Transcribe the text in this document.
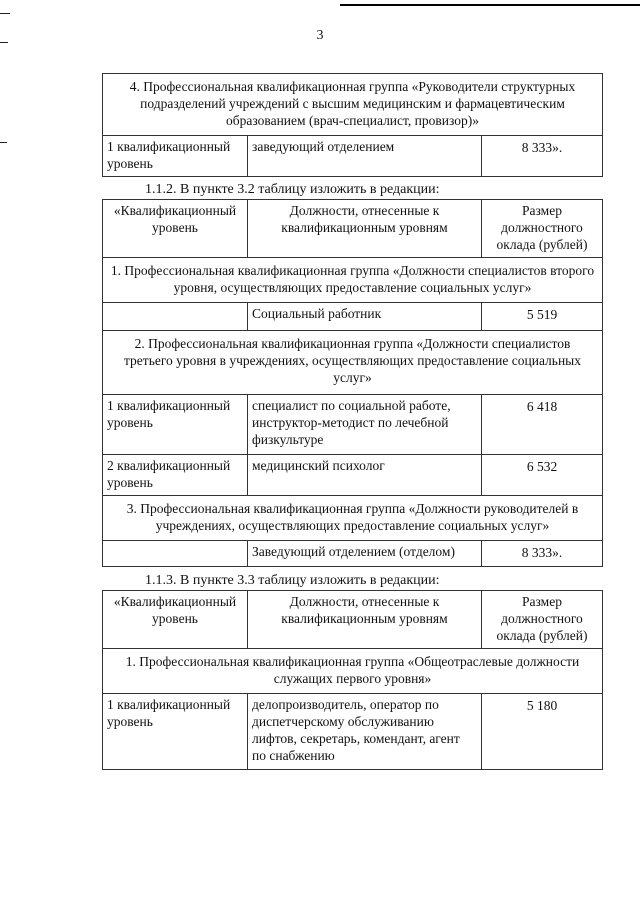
3
4. Профессиональная квалификационная группа «Руководители структурных подразделений учреждений с высшим медицинским и фармацевтическим образованием (врач-специалист, провизор)»
1 квалификационный уровень	заведующий отделением	8 333».
1.1.2. В пункте 3.2 таблицу изложить в редакции:
«Квалификационный уровень	Должности, отнесенные к квалификационным уровням	Размер должностного оклада (рублей)
1. Профессиональная квалификационная группа «Должности специалистов второго уровня, осуществляющих предоставление социальных услуг»		
	Социальный работник	5 519
2. Профессиональная квалификационная группа «Должности специалистов третьего уровня в учреждениях, осуществляющих предоставление социальных услуг»		
1 квалификационный уровень	специалист по социальной работе, инструктор-методист по лечебной физкультуре	6 418
2 квалификационный уровень	медицинский психолог	6 532
3. Профессиональная квалификационная группа «Должности руководителей в учреждениях, осуществляющих предоставление социальных услуг»		
	Заведующий отделением (отделом)	8 333».
1.1.3. В пункте 3.3 таблицу изложить в редакции:
«Квалификационный уровень	Должности, отнесенные к квалификационным уровням	Размер должностного оклада (рублей)
1. Профессиональная квалификационная группа «Общеотраслевые должности служащих первого уровня»		
1 квалификационный уровень	делопроизводитель, оператор по диспетчерскому обслуживанию лифтов, секретарь, комендант, агент по снабжению	5 180
